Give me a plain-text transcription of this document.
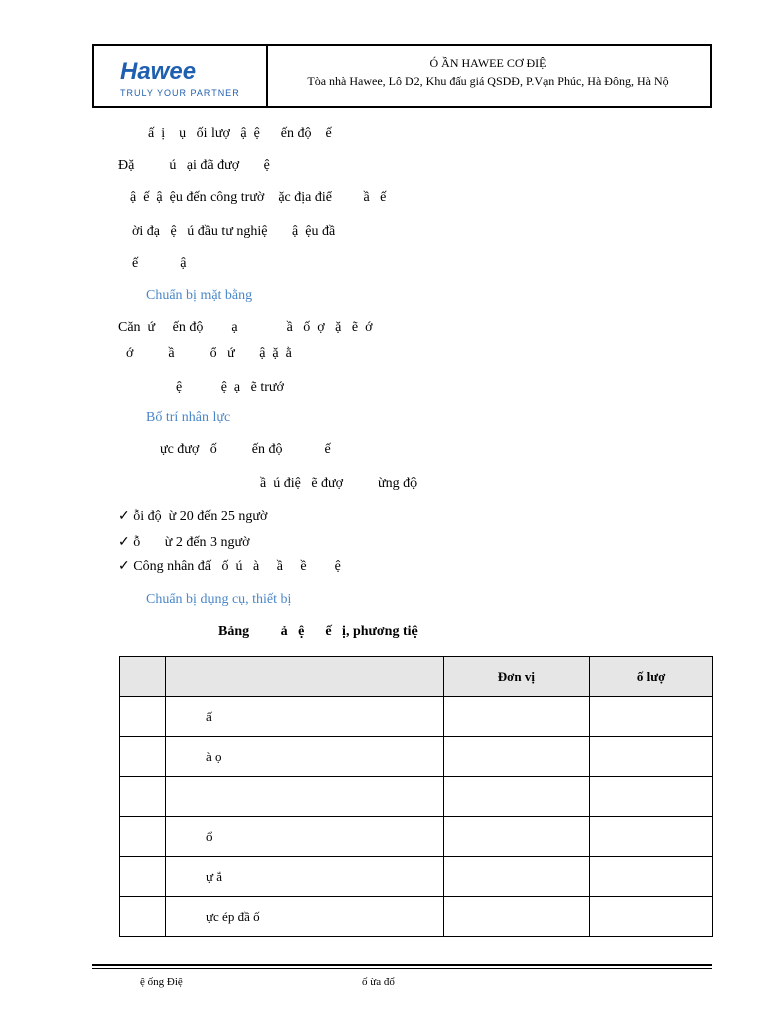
Hawee
TRULY YOUR PARTNER
Ó ẦN HAWEE CƠ ĐIỆ
Tòa nhà Hawee, Lô D2, Khu đấu giá QSDĐ, P.Vạn Phúc, Hà Đông, Hà Nộ
ấ  ị    ụ   ối lượ   ậ  ệ      ến độ    ế
Đặ          ú   ại đã đượ       ệ
ậ  ế  ậ  ệu đến công trườ    ặc địa điể         ầ   ế
ời đạ   ệ   ú đầu tư nghiệ       ậ  ệu đầ
ế            ậ
Chuẩn bị mặt bằng
Căn  ứ     ến độ        ạ              ầ   ố  ợ   ặ   ẽ  ớ
ớ          ầ          ổ   ứ       ậ  ặ  ằ
ệ           ệ  ạ   ẽ trướ
Bố trí nhân lực
ực đượ   ố          ến độ            ế
ầ  ú điệ   ẽ đượ          ừng độ
✓ ỗi độ  ừ 20 đến 25 ngườ
✓ ỗ       ừ 2 đến 3 ngườ
✓ Công nhân đấ   ố  ú   à     ầ     ề        ệ
Chuẩn bị dụng cụ, thiết bị
Bảng         ả   ệ      ế   ị, phương tiệ
		Đơn vị	ố lượ
	ấ		
	à ọ		

	ổ		
	ự ắ		
	ực ép đầ ố		
ệ ống Điệ	ố ừa đổ
